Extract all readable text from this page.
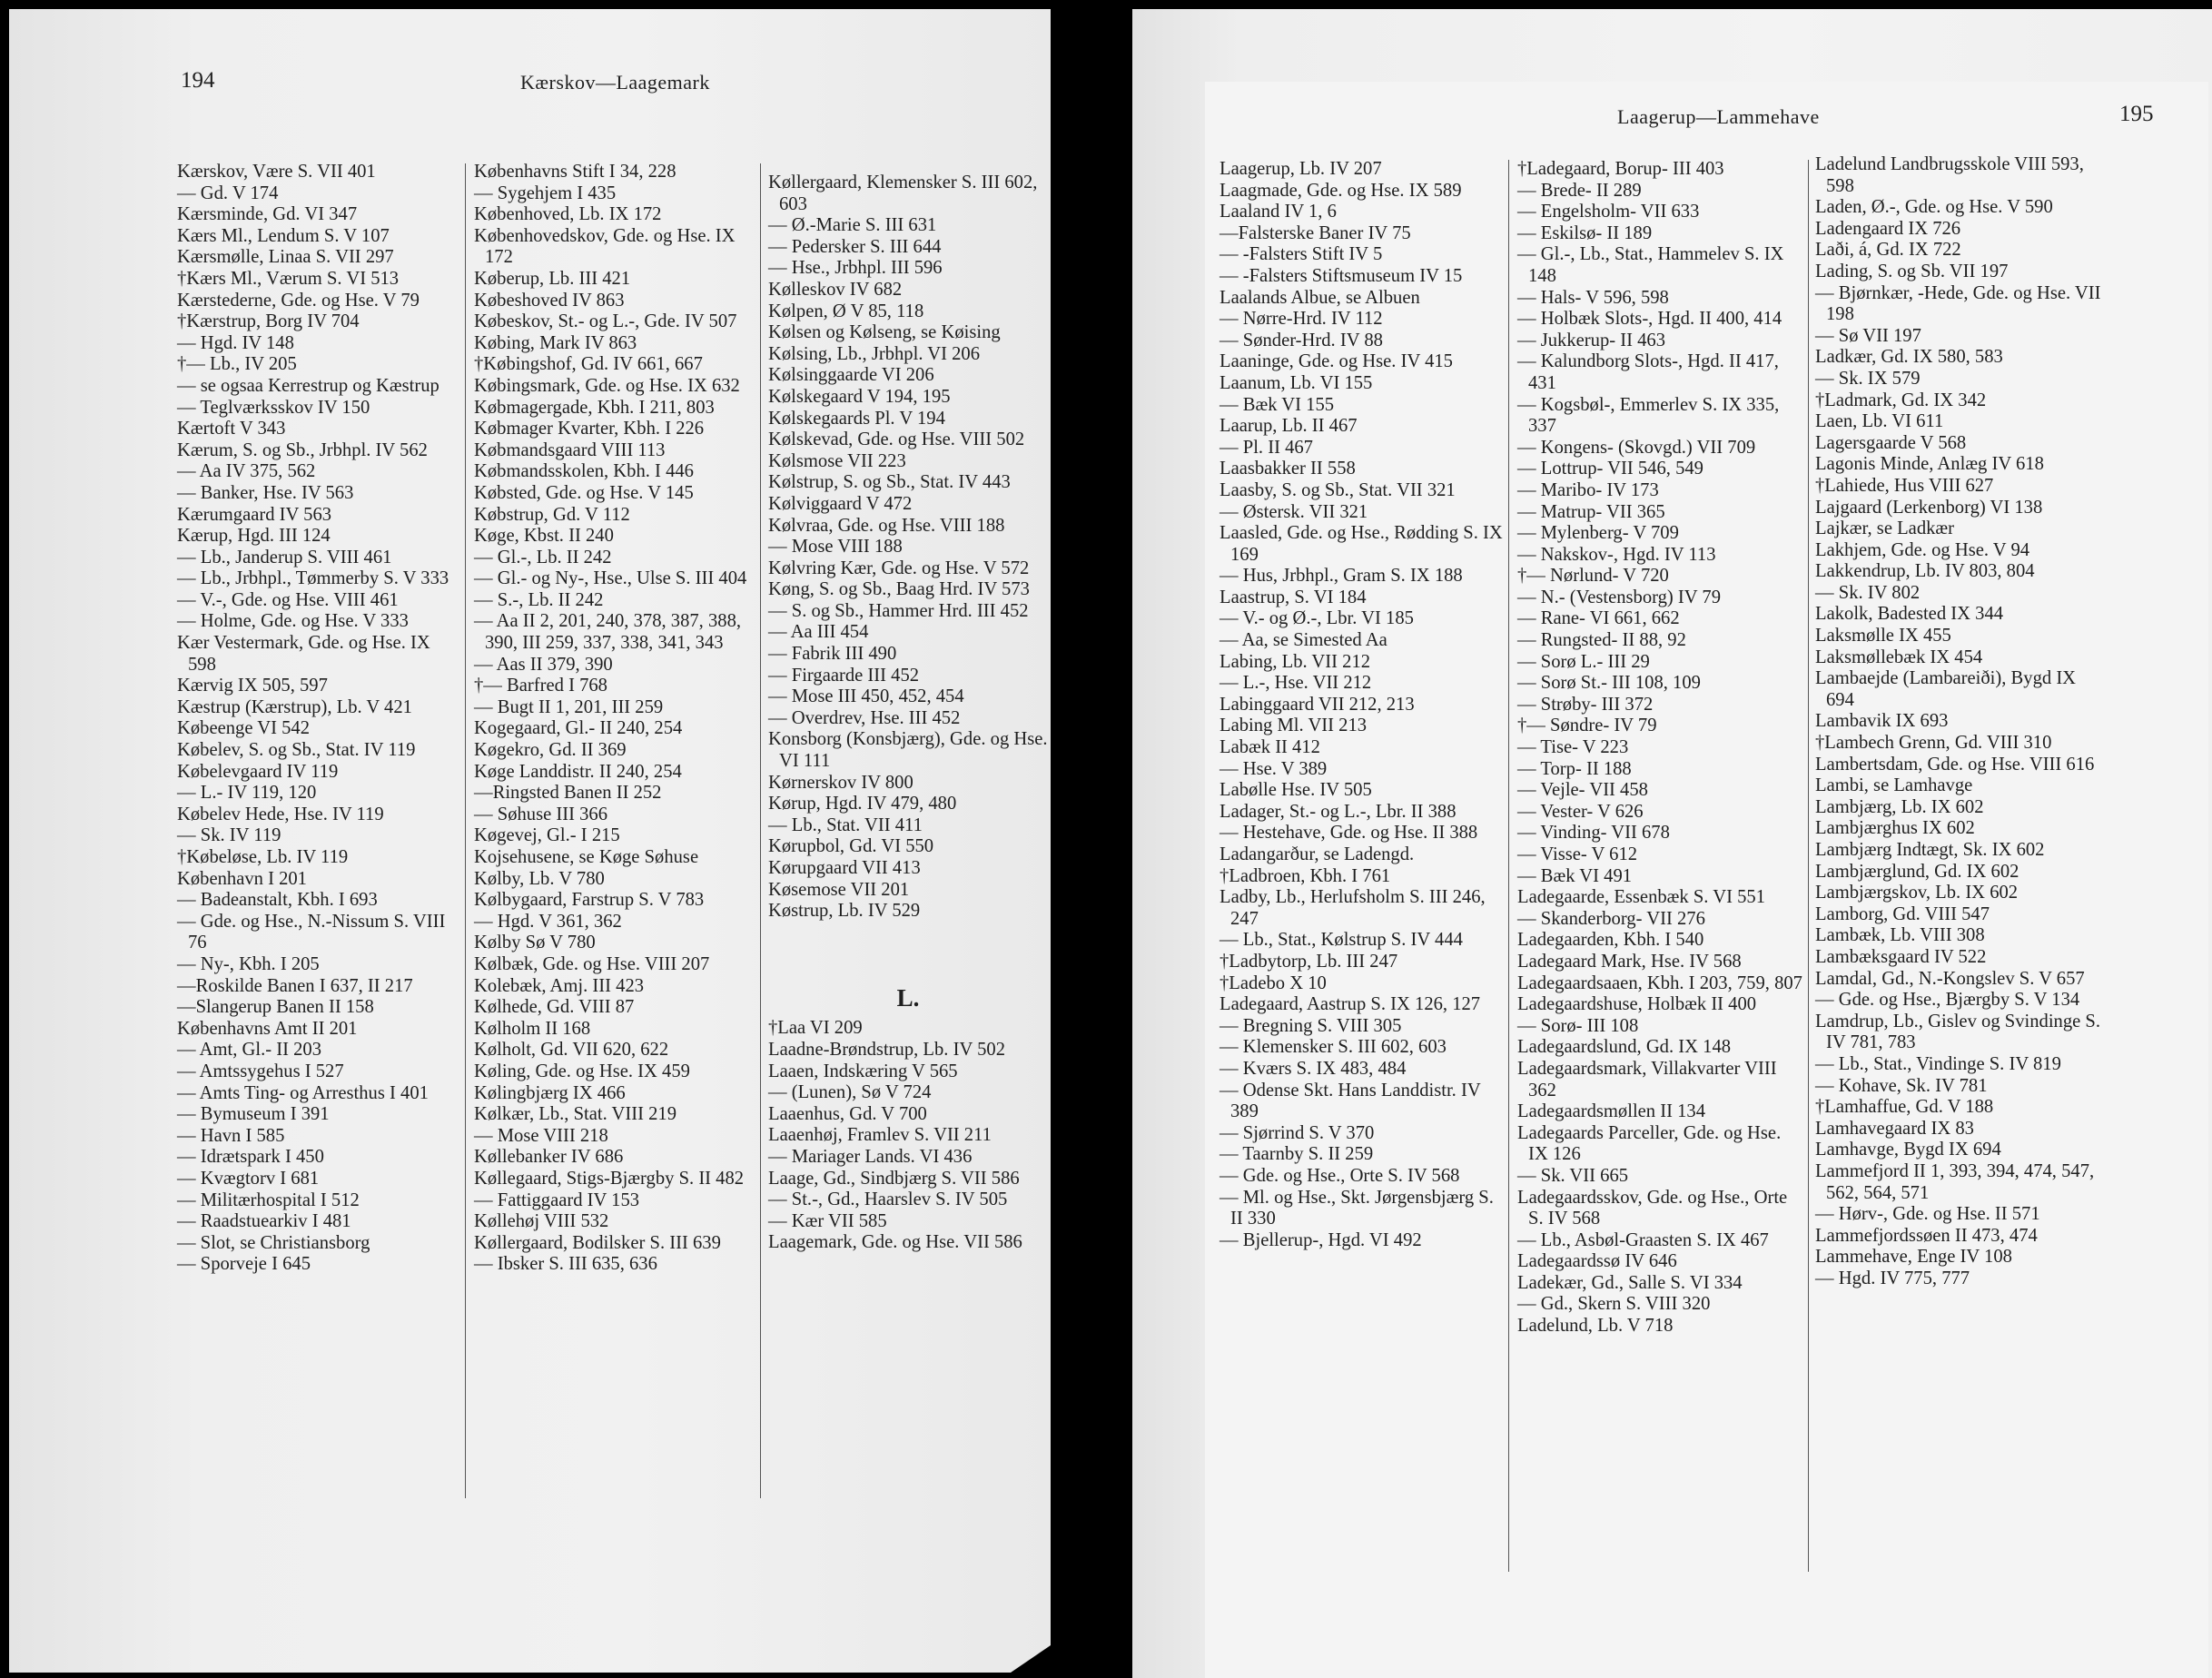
194	Kærskov—Laagemark
Kærskov, Være S. VII 401
— Gd. V 174
Kærsminde, Gd. VI 347
Kærs Ml., Lendum S. V 107
Kærsmølle, Linaa S. VII 297
†Kærs Ml., Værum S. VI 513
Kærstederne, Gde. og Hse. V 79
†Kærstrup, Borg IV 704
— Hgd. IV 148
†— Lb., IV 205
— se ogsaa Kerrestrup og Kæstrup
— Teglværksskov IV 150
Kærtoft V 343
Kærum, S. og Sb., Jrbhpl. IV 562
— Aa IV 375, 562
— Banker, Hse. IV 563
Kærumgaard IV 563
Kærup, Hgd. III 124
— Lb., Janderup S. VIII 461
— Lb., Jrbhpl., Tømmerby S. V 333
— V.-, Gde. og Hse. VIII 461
— Holme, Gde. og Hse. V 333
Kær Vestermark, Gde. og Hse. IX 598
Kærvig IX 505, 597
Kæstrup (Kærstrup), Lb. V 421
Købeenge VI 542
Købelev, S. og Sb., Stat. IV 119
Købelevgaard IV 119
— L.- IV 119, 120
Købelev Hede, Hse. IV 119
— Sk. IV 119
†Købeløse, Lb. IV 119
København I 201
— Badeanstalt, Kbh. I 693
— Gde. og Hse., N.-Nissum S. VIII 76
— Ny-, Kbh. I 205
—Roskilde Banen I 637, II 217
—Slangerup Banen II 158
Københavns Amt II 201
— Amt, Gl.- II 203
— Amtssygehus I 527
— Amts Ting- og Arresthus I 401
— Bymuseum I 391
— Havn I 585
— Idrætspark I 450
— Kvægtorv I 681
— Militærhospital I 512
— Raadstuearkiv I 481
— Slot, se Christiansborg
— Sporveje I 645
Københavns Stift I 34, 228
— Sygehjem I 435
Københoved, Lb. IX 172
Københovedskov, Gde. og Hse. IX 172
Køberup, Lb. III 421
Købeshoved IV 863
Købeskov, St.- og L.-, Gde. IV 507
Købing, Mark IV 863
†Købingshof, Gd. IV 661, 667
Købingsmark, Gde. og Hse. IX 632
Købmagergade, Kbh. I 211, 803
Købmager Kvarter, Kbh. I 226
Købmandsgaard VIII 113
Købmandsskolen, Kbh. I 446
Købsted, Gde. og Hse. V 145
Købstrup, Gd. V 112
Køge, Kbst. II 240
— Gl.-, Lb. II 242
— Gl.- og Ny-, Hse., Ulse S. III 404
— S.-, Lb. II 242
— Aa II 2, 201, 240, 378, 387, 388, 390, III 259, 337, 338, 341, 343
— Aas II 379, 390
†— Barfred I 768
— Bugt II 1, 201, III 259
Kogegaard, Gl.- II 240, 254
Køgekro, Gd. II 369
Køge Landdistr. II 240, 254
—Ringsted Banen II 252
— Søhuse III 366
Køgevej, Gl.- I 215
Kojsehusene, se Køge Søhuse
Kølby, Lb. V 780
Kølbygaard, Farstrup S. V 783
— Hgd. V 361, 362
Kølby Sø V 780
Kølbæk, Gde. og Hse. VIII 207
Kolebæk, Amj. III 423
Kølhede, Gd. VIII 87
Kølholm II 168
Kølholt, Gd. VII 620, 622
Køling, Gde. og Hse. IX 459
Kølingbjærg IX 466
Kølkær, Lb., Stat. VIII 219
— Mose VIII 218
Køllebanker IV 686
Køllegaard, Stigs-Bjærgby S. II 482
— Fattiggaard IV 153
Køllehøj VIII 532
Køllergaard, Bodilsker S. III 639
— Ibsker S. III 635, 636
Køllergaard, Klemensker S. III 602, 603
— Ø.-Marie S. III 631
— Pedersker S. III 644
— Hse., Jrbhpl. III 596
Kølleskov IV 682
Kølpen, Ø V 85, 118
Kølsen og Kølseng, se Køising
Kølsing, Lb., Jrbhpl. VI 206
Kølsinggaarde VI 206
Kølskegaard V 194, 195
Kølskegaards Pl. V 194
Kølskevad, Gde. og Hse. VIII 502
Kølsmose VII 223
Kølstrup, S. og Sb., Stat. IV 443
Kølviggaard V 472
Kølvraa, Gde. og Hse. VIII 188
— Mose VIII 188
Kølvring Kær, Gde. og Hse. V 572
Køng, S. og Sb., Baag Hrd. IV 573
— S. og Sb., Hammer Hrd. III 452
— Aa III 454
— Fabrik III 490
— Firgaarde III 452
— Mose III 450, 452, 454
— Overdrev, Hse. III 452
Konsborg (Konsbjærg), Gde. og Hse. VI 111
Kørnerskov IV 800
Kørup, Hgd. IV 479, 480
— Lb., Stat. VII 411
Kørupbol, Gd. VI 550
Kørupgaard VII 413
Køsemose VII 201
Køstrup, Lb. IV 529
L.
†Laa VI 209
Laadne-Brøndstrup, Lb. IV 502
Laaen, Indskæring V 565
— (Lunen), Sø V 724
Laaenhus, Gd. V 700
Laaenhøj, Framlev S. VII 211
— Mariager Lands. VI 436
Laage, Gd., Sindbjærg S. VII 586
— St.-, Gd., Haarslev S. IV 505
— Kær VII 585
Laagemark, Gde. og Hse. VII 586
Laagerup—Lammehave	195
Laagerup, Lb. IV 207
Laagmade, Gde. og Hse. IX 589
Laaland IV 1, 6
—Falsterske Baner IV 75
— -Falsters Stift IV 5
— -Falsters Stiftsmuseum IV 15
Laalands Albue, se Albuen
— Nørre-Hrd. IV 112
— Sønder-Hrd. IV 88
Laaninge, Gde. og Hse. IV 415
Laanum, Lb. VI 155
— Bæk VI 155
Laarup, Lb. II 467
— Pl. II 467
Laasbakker II 558
Laasby, S. og Sb., Stat. VII 321
— Østersk. VII 321
Laasled, Gde. og Hse., Rødding S. IX 169
— Hus, Jrbhpl., Gram S. IX 188
Laastrup, S. VI 184
— V.- og Ø.-, Lbr. VI 185
— Aa, se Simested Aa
Labing, Lb. VII 212
— L.-, Hse. VII 212
Labinggaard VII 212, 213
Labing Ml. VII 213
Labæk II 412
— Hse. V 389
Labølle Hse. IV 505
Ladager, St.- og L.-, Lbr. II 388
— Hestehave, Gde. og Hse. II 388
Ladangarður, se Ladengd.
†Ladbroen, Kbh. I 761
Ladby, Lb., Herlufsholm S. III 246, 247
— Lb., Stat., Kølstrup S. IV 444
†Ladbytorp, Lb. III 247
†Ladebo X 10
Ladegaard, Aastrup S. IX 126, 127
— Bregning S. VIII 305
— Klemensker S. III 602, 603
— Kværs S. IX 483, 484
— Odense Skt. Hans Landdistr. IV 389
— Sjørrind S. V 370
— Taarnby S. II 259
— Gde. og Hse., Orte S. IV 568
— Ml. og Hse., Skt. Jørgensbjærg S. II 330
— Bjellerup-, Hgd. VI 492
†Ladegaard, Borup- III 403
— Brede- II 289
— Engelsholm- VII 633
— Eskilsø- II 189
— Gl.-, Lb., Stat., Hammelev S. IX 148
— Hals- V 596, 598
— Holbæk Slots-, Hgd. II 400, 414
— Jukkerup- II 463
— Kalundborg Slots-, Hgd. II 417, 431
— Kogsbøl-, Emmerlev S. IX 335, 337
— Kongens- (Skovgd.) VII 709
— Lottrup- VII 546, 549
— Maribo- IV 173
— Matrup- VII 365
— Mylenberg- V 709
— Nakskov-, Hgd. IV 113
†— Nørlund- V 720
— N.- (Vestensborg) IV 79
— Rane- VI 661, 662
— Rungsted- II 88, 92
— Sorø L.- III 29
— Sorø St.- III 108, 109
— Strøby- III 372
†— Søndre- IV 79
— Tise- V 223
— Torp- II 188
— Vejle- VII 458
— Vester- V 626
— Vinding- VII 678
— Visse- V 612
— Bæk VI 491
Ladegaarde, Essenbæk S. VI 551
— Skanderborg- VII 276
Ladegaarden, Kbh. I 540
Ladegaard Mark, Hse. IV 568
Ladegaardsaaen, Kbh. I 203, 759, 807
Ladegaardshuse, Holbæk II 400
— Sorø- III 108
Ladegaardslund, Gd. IX 148
Ladegaardsmark, Villakvarter VIII 362
Ladegaardsmøllen II 134
Ladegaards Parceller, Gde. og Hse. IX 126
— Sk. VII 665
Ladegaardsskov, Gde. og Hse., Orte S. IV 568
— Lb., Asbøl-Graasten S. IX 467
Ladegaardssø IV 646
Ladekær, Gd., Salle S. VI 334
— Gd., Skern S. VIII 320
Ladelund, Lb. V 718
Ladelund Landbrugsskole VIII 593, 598
Laden, Ø.-, Gde. og Hse. V 590
Ladengaard IX 726
Laði, á, Gd. IX 722
Lading, S. og Sb. VII 197
— Bjørnkær, -Hede, Gde. og Hse. VII 198
— Sø VII 197
Ladkær, Gd. IX 580, 583
— Sk. IX 579
†Ladmark, Gd. IX 342
Laen, Lb. VI 611
Lagersgaarde V 568
Lagonis Minde, Anlæg IV 618
†Lahiede, Hus VIII 627
Lajgaard (Lerkenborg) VI 138
Lajkær, se Ladkær
Lakhjem, Gde. og Hse. V 94
Lakkendrup, Lb. IV 803, 804
— Sk. IV 802
Lakolk, Badested IX 344
Laksmølle IX 455
Laksmøllebæk IX 454
Lambaejde (Lambareiði), Bygd IX 694
Lambavik IX 693
†Lambech Grenn, Gd. VIII 310
Lambertsdam, Gde. og Hse. VIII 616
Lambi, se Lamhavge
Lambjærg, Lb. IX 602
Lambjærghus IX 602
Lambjærg Indtægt, Sk. IX 602
Lambjærglund, Gd. IX 602
Lambjærgskov, Lb. IX 602
Lamborg, Gd. VIII 547
Lambæk, Lb. VIII 308
Lambæksgaard IV 522
Lamdal, Gd., N.-Kongslev S. V 657
— Gde. og Hse., Bjærgby S. V 134
Lamdrup, Lb., Gislev og Svindinge S. IV 781, 783
— Lb., Stat., Vindinge S. IV 819
— Kohave, Sk. IV 781
†Lamhaffue, Gd. V 188
Lamhavegaard IX 83
Lamhavge, Bygd IX 694
Lammefjord II 1, 393, 394, 474, 547, 562, 564, 571
— Hørv-, Gde. og Hse. II 571
Lammefjordssøen II 473, 474
Lammehave, Enge IV 108
— Hgd. IV 775, 777
